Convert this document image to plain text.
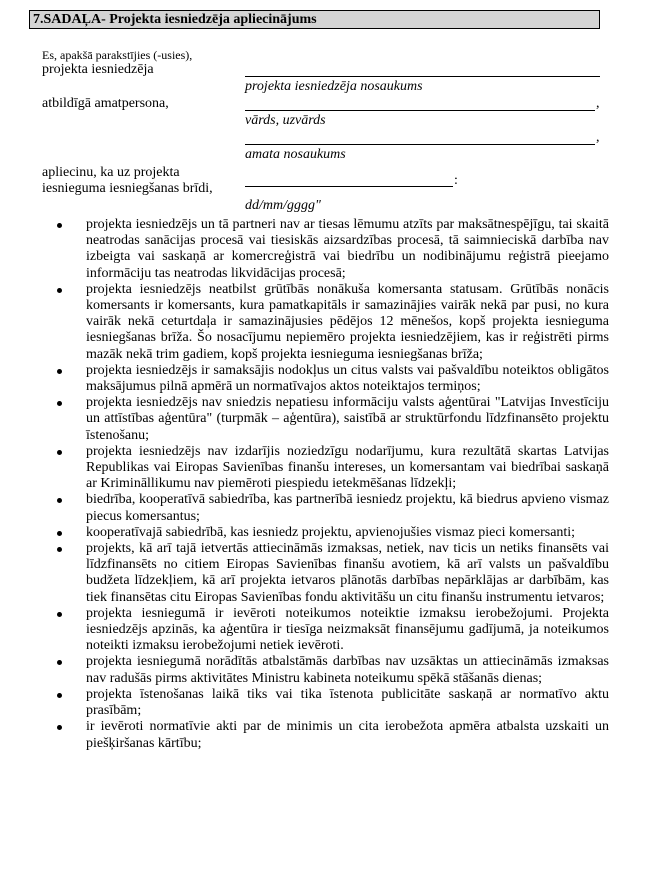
7.SADAĻA- Projekta iesniedzēja apliecinājums
Es, apakšā parakstījies (-usies),
projekta iesniedzēja
projekta iesniedzēja nosaukums
atbildīgā amatpersona,	,
vārds, uzvārds
,
amata nosaukums
apliecinu, ka uz projekta
iesnieguma iesniegšanas brīdi,
:
dd/mm/gggg"
projekta iesniedzējs un tā partneri nav ar tiesas lēmumu atzīts par maksātnespējīgu, tai skaitā neatrodas sanācijas procesā vai tiesiskās aizsardzības procesā, tā saimnieciskā darbība nav izbeigta vai saskaņā ar komercreģistrā vai biedrību un nodibinājumu reģistrā pieejamo informāciju tas neatrodas likvidācijas procesā;
projekta iesniedzējs neatbilst grūtībās nonākuša komersanta statusam. Grūtībās nonācis komersants ir komersants, kura pamatkapitāls ir samazinājies vairāk nekā par pusi, no kura vairāk nekā ceturtdaļa ir samazinājusies pēdējos 12 mēnešos, kopš projekta iesnieguma iesniegšanas brīža. Šo nosacījumu nepiemēro projekta iesniedzējiem, kas ir reģistrēti pirms mazāk nekā trim gadiem, kopš projekta iesnieguma iesniegšanas brīža;
projekta iesniedzējs ir samaksājis nodokļus un citus valsts vai pašvaldību noteiktos obligātos maksājumus pilnā apmērā un normatīvajos aktos noteiktajos termiņos;
projekta iesniedzējs nav sniedzis nepatiesu informāciju valsts aģentūrai "Latvijas Investīciju un attīstības aģentūra" (turpmāk – aģentūra), saistībā ar struktūrfondu līdzfinansēto projektu īstenošanu;
projekta iesniedzējs nav izdarījis noziedzīgu nodarījumu, kura rezultātā skartas Latvijas Republikas vai Eiropas Savienības finanšu intereses, un komersantam vai biedrībai saskaņā ar Krimināllikumu nav piemēroti piespiedu ietekmēšanas līdzekļi;
biedrība, kooperatīvā sabiedrība, kas partnerībā iesniedz projektu, kā biedrus apvieno vismaz piecus komersantus;
kooperatīvajā sabiedrībā, kas iesniedz projektu, apvienojušies vismaz pieci komersanti;
projekts, kā arī tajā ietvertās attiecināmās izmaksas, netiek, nav ticis un netiks finansēts vai līdzfinansēts no citiem Eiropas Savienības finanšu avotiem, kā arī valsts un pašvaldību budžeta līdzekļiem, kā arī projekta ietvaros plānotās darbības nepārklājas ar darbībām, kas tiek finansētas citu Eiropas Savienības fondu aktivitāšu un citu finanšu instrumentu ietvaros;
projekta iesniegumā ir ievēroti noteikumos noteiktie izmaksu ierobežojumi. Projekta iesniedzējs apzinās, ka aģentūra ir tiesīga neizmaksāt finansējumu gadījumā, ja noteikumos noteikti izmaksu ierobežojumi netiek ievēroti.
projekta iesniegumā norādītās atbalstāmās darbības nav uzsāktas un attiecināmās izmaksas nav radušās pirms aktivitātes Ministru kabineta noteikumu spēkā stāšanās dienas;
projekta īstenošanas laikā tiks vai tika īstenota publicitāte saskaņā ar normatīvo aktu prasībām;
ir ievēroti normatīvie akti par de minimis un cita ierobežota apmēra atbalsta uzskaiti un piešķiršanas kārtību;
